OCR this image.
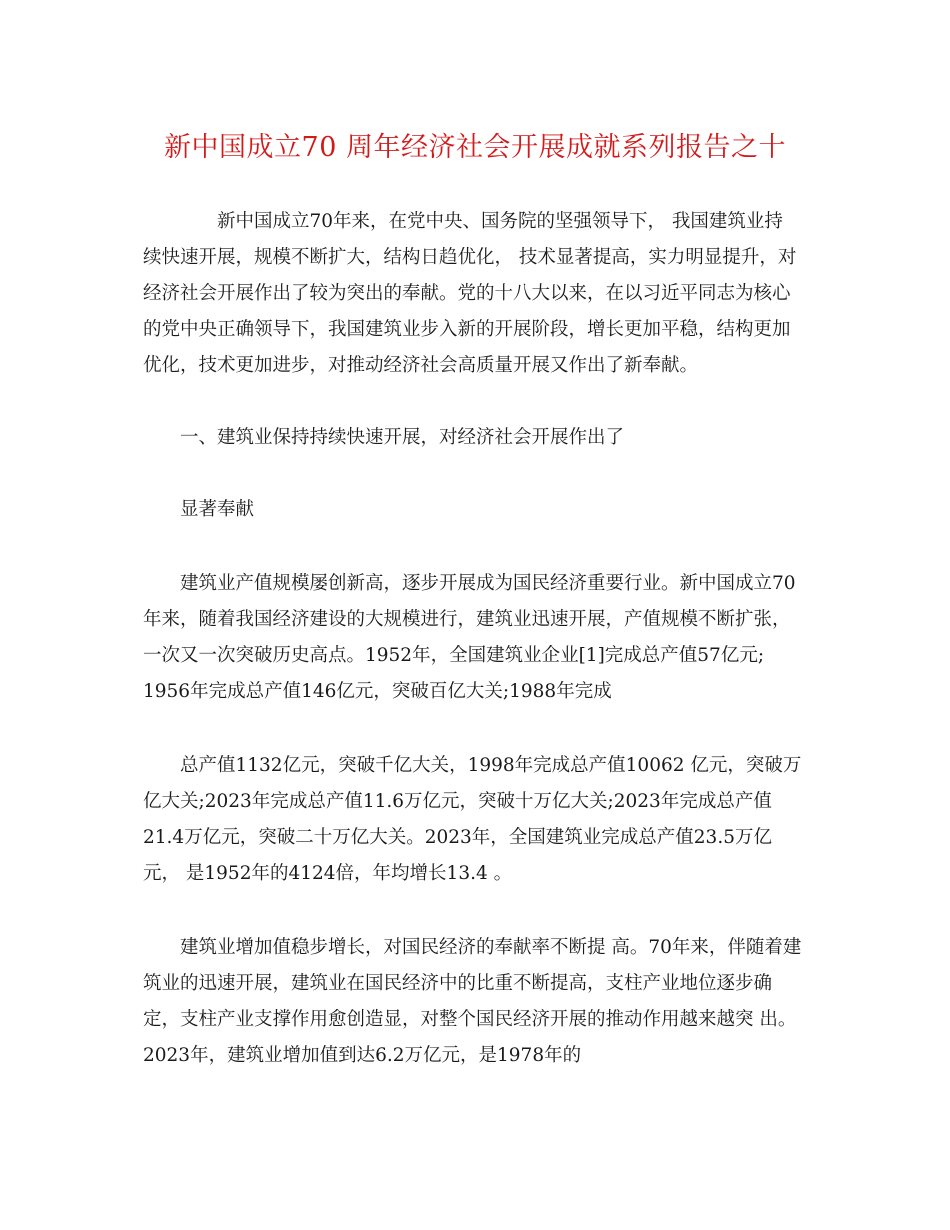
新中国成立70 周年经济社会开展成就系列报告之十
新中国成立70年来，在党中央、国务院的坚强领导下， 我国建筑业持
续快速开展，规模不断扩大，结构日趋优化， 技术显著提高，实力明显提升，对
经济社会开展作出了较为突出的奉献。党的十八大以来，在以习近平同志为核心
的党中央正确领导下，我国建筑业步入新的开展阶段，增长更加平稳，结构更加
优化，技术更加进步，对推动经济社会高质量开展又作出了新奉献。
一、建筑业保持持续快速开展，对经济社会开展作出了
显著奉献
建筑业产值规模屡创新高，逐步开展成为国民经济重要行业。新中国成立70
年来，随着我国经济建设的大规模进行，建筑业迅速开展，产值规模不断扩张，
一次又一次突破历史高点。1952年，全国建筑业企业[1]完成总产值57亿元;
1956年完成总产值146亿元，突破百亿大关;1988年完成
总产值1132亿元，突破千亿大关，1998年完成总产值10062 亿元，突破万
亿大关;2023年完成总产值11.6万亿元，突破十万亿大关;2023年完成总产值
21.4万亿元，突破二十万亿大关。2023年，全国建筑业完成总产值23.5万亿
元， 是1952年的4124倍，年均增长13.4 。
建筑业增加值稳步增长，对国民经济的奉献率不断提 高。70年来，伴随着建
筑业的迅速开展，建筑业在国民经济中的比重不断提高，支柱产业地位逐步确
定，支柱产业支撑作用愈创造显，对整个国民经济开展的推动作用越来越突 出。
2023年，建筑业增加值到达6.2万亿元，是1978年的
